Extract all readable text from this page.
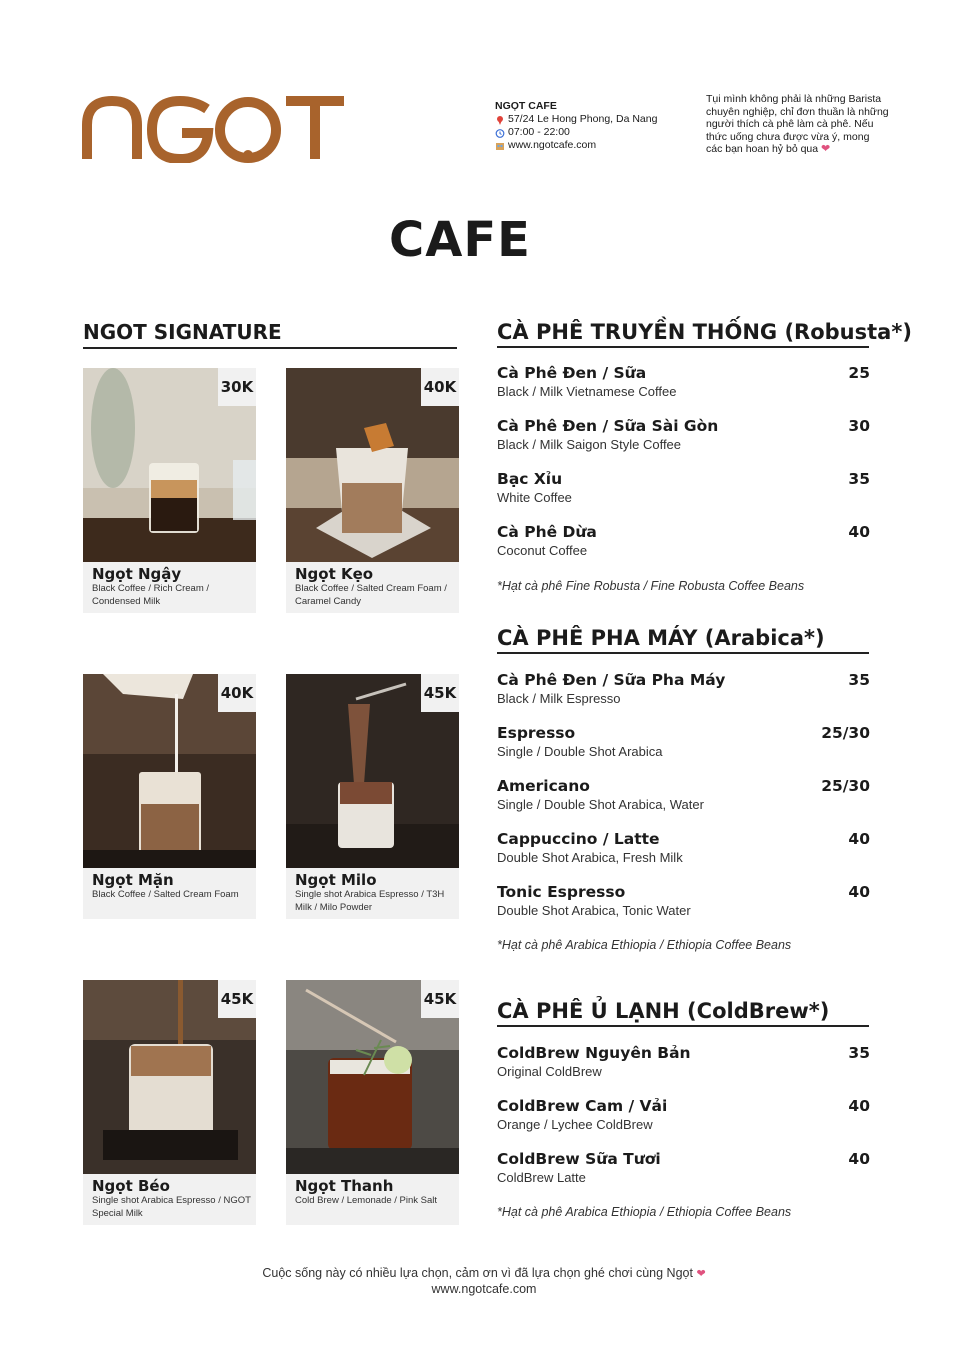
NGOT
NGỌT CAFE
57/24 Le Hong Phong, Da Nang
07:00 - 22:00
www.ngotcafe.com
Tụi mình không phải là những Barista
chuyên nghiệp, chỉ đơn thuần là những
người thích cà phê làm cà phê. Nếu
thức uống chưa được vừa ý, mong
các bạn hoan hỷ bỏ qua ❤
CAFE
NGOT SIGNATURE
30K
Ngọt Ngậy
Black Coffee / Rich Cream / Condensed Milk
40K
Ngọt Kẹo
Black Coffee / Salted Cream Foam / Caramel Candy
40K
Ngọt Mặn
Black Coffee / Salted Cream Foam
45K
Ngọt Milo
Single shot Arabica Espresso / T3H Milk / Milo Powder
45K
Ngọt Béo
Single shot Arabica Espresso / NGOT Special Milk
45K
Ngọt Thanh
Cold Brew / Lemonade / Pink Salt
CÀ PHÊ TRUYỀN THỐNG (Robusta*)
Cà Phê Đen / Sữa	25
Black / Milk Vietnamese Coffee
Cà Phê Đen / Sữa Sài Gòn	30
Black / Milk Saigon Style Coffee
Bạc Xỉu	35
White Coffee
Cà Phê Dừa	40
Coconut Coffee
*Hạt cà phê Fine Robusta / Fine Robusta Coffee Beans
CÀ PHÊ PHA MÁY (Arabica*)
Cà Phê Đen / Sữa Pha Máy	35
Black / Milk Espresso
Espresso	25/30
Single / Double Shot Arabica
Americano	25/30
Single / Double Shot Arabica, Water
Cappuccino / Latte	40
Double Shot Arabica, Fresh Milk
Tonic Espresso	40
Double Shot Arabica, Tonic Water
*Hạt cà phê Arabica Ethiopia / Ethiopia Coffee Beans
CÀ PHÊ Ủ LẠNH (ColdBrew*)
ColdBrew Nguyên Bản	35
Original ColdBrew
ColdBrew Cam / Vải	40
Orange / Lychee ColdBrew
ColdBrew Sữa Tươi	40
ColdBrew Latte
*Hạt cà phê Arabica Ethiopia / Ethiopia Coffee Beans
Cuộc sống này có nhiều lựa chọn, cảm ơn vì đã lựa chọn ghé chơi cùng Ngọt ❤
www.ngotcafe.com
